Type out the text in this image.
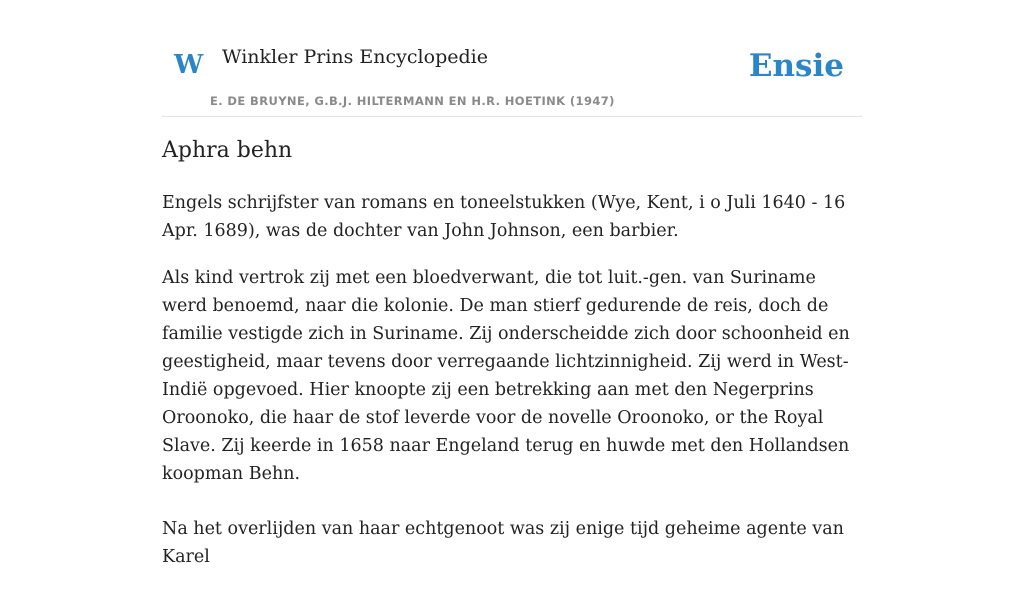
W Winkler Prins Encyclopedie
E. DE BRUYNE, G.B.J. HILTERMANN EN H.R. HOETINK (1947)
Ensie
Aphra behn

Engels schrijfster van romans en toneelstukken (Wye, Kent, i o Juli 1640 - 16 Apr. 1689), was de dochter van John Johnson, een barbier.

Als kind vertrok zij met een bloedverwant, die tot luit.-gen. van Suriname werd benoemd, naar die kolonie. De man stierf gedurende de reis, doch de familie vestigde zich in Suriname. Zij onderscheidde zich door schoonheid en geestigheid, maar tevens door verregaande lichtzinnigheid. Zij werd in West-Indië opgevoed. Hier knoopte zij een betrekking aan met den Negerprins Oroonoko, die haar de stof leverde voor de novelle Oroonoko, or the Royal Slave. Zij keerde in 1658 naar Engeland terug en huwde met den Hollandsen koopman Behn.

Na het overlijden van haar echtgenoot was zij enige tijd geheime agente van Karel
